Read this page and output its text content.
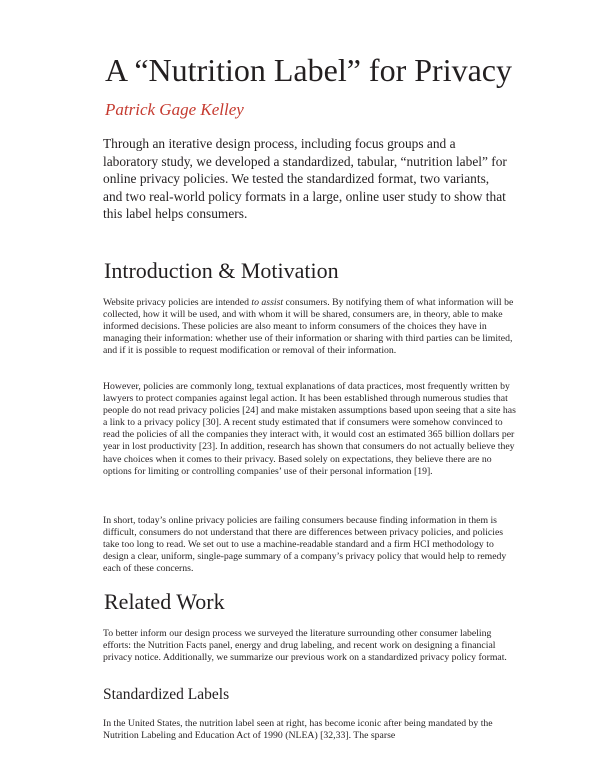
A “Nutrition Label” for Privacy

Patrick Gage Kelley

Through an iterative design process, including focus groups and a laboratory study, we developed a standardized, tabular, “nutrition label” for online privacy policies. We tested the standardized format, two variants, and two real-world policy formats in a large, online user study to show that this label helps consumers.

Introduction & Motivation

Website privacy policies are intended to assist consumers. By notifying them of what information will be collected, how it will be used, and with whom it will be shared, consumers are, in theory, able to make informed decisions. These policies are also meant to inform consumers of the choices they have in managing their information: whether use of their information or sharing with third parties can be limited, and if it is possible to request modification or removal of their information.

However, policies are commonly long, textual explanations of data practices, most frequently written by lawyers to protect companies against legal action. It has been established through numerous studies that people do not read privacy policies [24] and make mistaken assumptions based upon seeing that a site has a link to a privacy policy [30]. A recent study estimated that if consumers were somehow convinced to read the policies of all the companies they interact with, it would cost an estimated 365 billion dollars per year in lost productivity [23]. In addition, research has shown that consumers do not actually believe they have choices when it comes to their privacy. Based solely on expectations, they believe there are no options for limiting or controlling companies’ use of their personal information [19].

In short, today’s online privacy policies are failing consumers because finding information in them is difficult, consumers do not understand that there are differences between privacy policies, and policies take too long to read. We set out to use a machine-readable standard and a firm HCI methodology to design a clear, uniform, single-page summary of a company’s privacy policy that would help to remedy each of these concerns.

Related Work

To better inform our design process we surveyed the literature surrounding other consumer labeling efforts: the Nutrition Facts panel, energy and drug labeling, and recent work on designing a financial privacy notice. Additionally, we summarize our previous work on a standardized privacy policy format.

Standardized Labels

In the United States, the nutrition label seen at right, has become iconic after being mandated by the Nutrition Labeling and Education Act of 1990 (NLEA) [32,33]. The sparse
